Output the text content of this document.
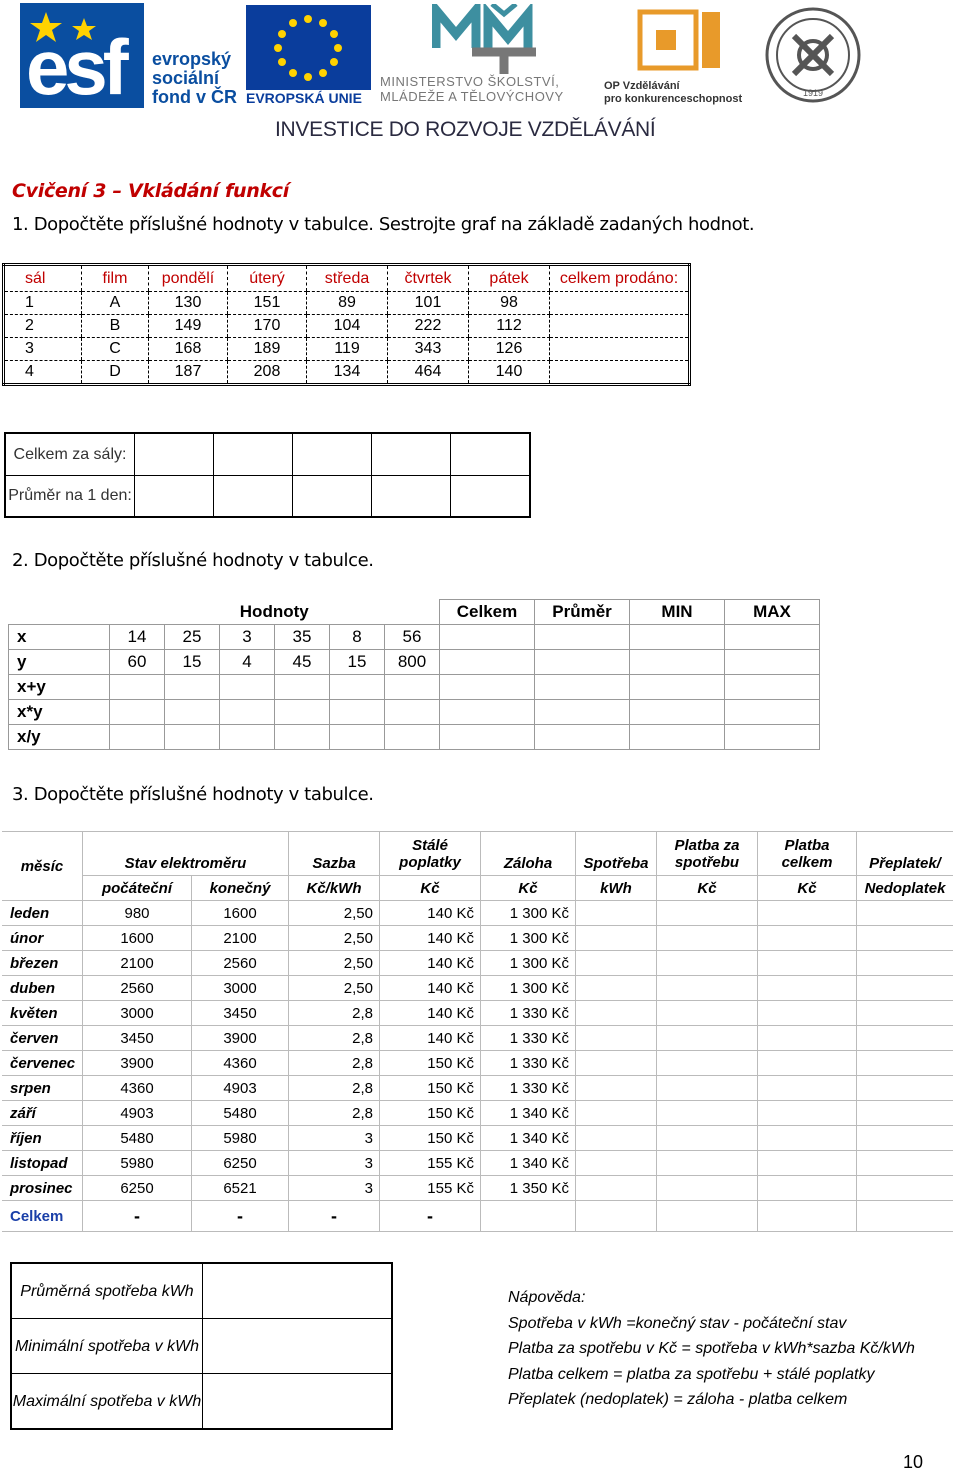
esf evropský
sociální
fond v ČR EVROPSKÁ UNIE
MINISTERSTVO ŠKOLSTVÍ,
MLÁDEŽE A TĚLOVÝCHOVY
OP Vzdělávání
pro konkurenceschopnost	1919
INVESTICE DO ROZVOJE VZDĚLÁVÁNÍ
Cvičení 3 – Vkládání funkcí
1. Dopočtěte příslušné hodnoty v tabulce. Sestrojte graf na základě zadaných hodnot.
sál	film	pondělí	úterý	středa	čtvrtek	pátek	celkem prodáno:
1	A	130	151	89	101	98	
2	B	149	170	104	222	112	
3	C	168	189	119	343	126	
4	D	187	208	134	464	140	
Celkem za sály:					
Průměr na 1 den:					
2. Dopočtěte příslušné hodnoty v tabulce.
	Hodnoty						Celkem	Průměr	MIN	MAX
x	14	25	3	35	8	56				
y	60	15	4	45	15	800				
x+y										
x*y										
x/y										
3. Dopočtěte příslušné hodnoty v tabulce.
měsíc	Stav elektroměru		Sazba	Stálé poplatky	Záloha	Spotřeba	Platba za spotřebu	Platba celkem	Přeplatek/
	počáteční	konečný	Kč/kWh	Kč	Kč	kWh	Kč	Kč	Nedoplatek
leden	980	1600	2,50	140 Kč	1 300 Kč				
únor	1600	2100	2,50	140 Kč	1 300 Kč				
březen	2100	2560	2,50	140 Kč	1 300 Kč				
duben	2560	3000	2,50	140 Kč	1 300 Kč				
květen	3000	3450	2,8	140 Kč	1 330 Kč				
červen	3450	3900	2,8	140 Kč	1 330 Kč				
červenec	3900	4360	2,8	150 Kč	1 330 Kč				
srpen	4360	4903	2,8	150 Kč	1 330 Kč				
září	4903	5480	2,8	150 Kč	1 340 Kč				
říjen	5480	5980	3	150 Kč	1 340 Kč				
listopad	5980	6250	3	155 Kč	1 340 Kč				
prosinec	6250	6521	3	155 Kč	1 350 Kč				
Celkem	-	-	-	-					
Průměrná spotřeba kWh	
Minimální spotřeba v kWh	
Maximální spotřeba v kWh	
Nápověda:
Spotřeba v kWh =konečný stav - počáteční stav
Platba za spotřebu v Kč = spotřeba v kWh*sazba Kč/kWh
Platba celkem = platba za spotřebu + stálé poplatky
Přeplatek (nedoplatek) = záloha - platba celkem
10
